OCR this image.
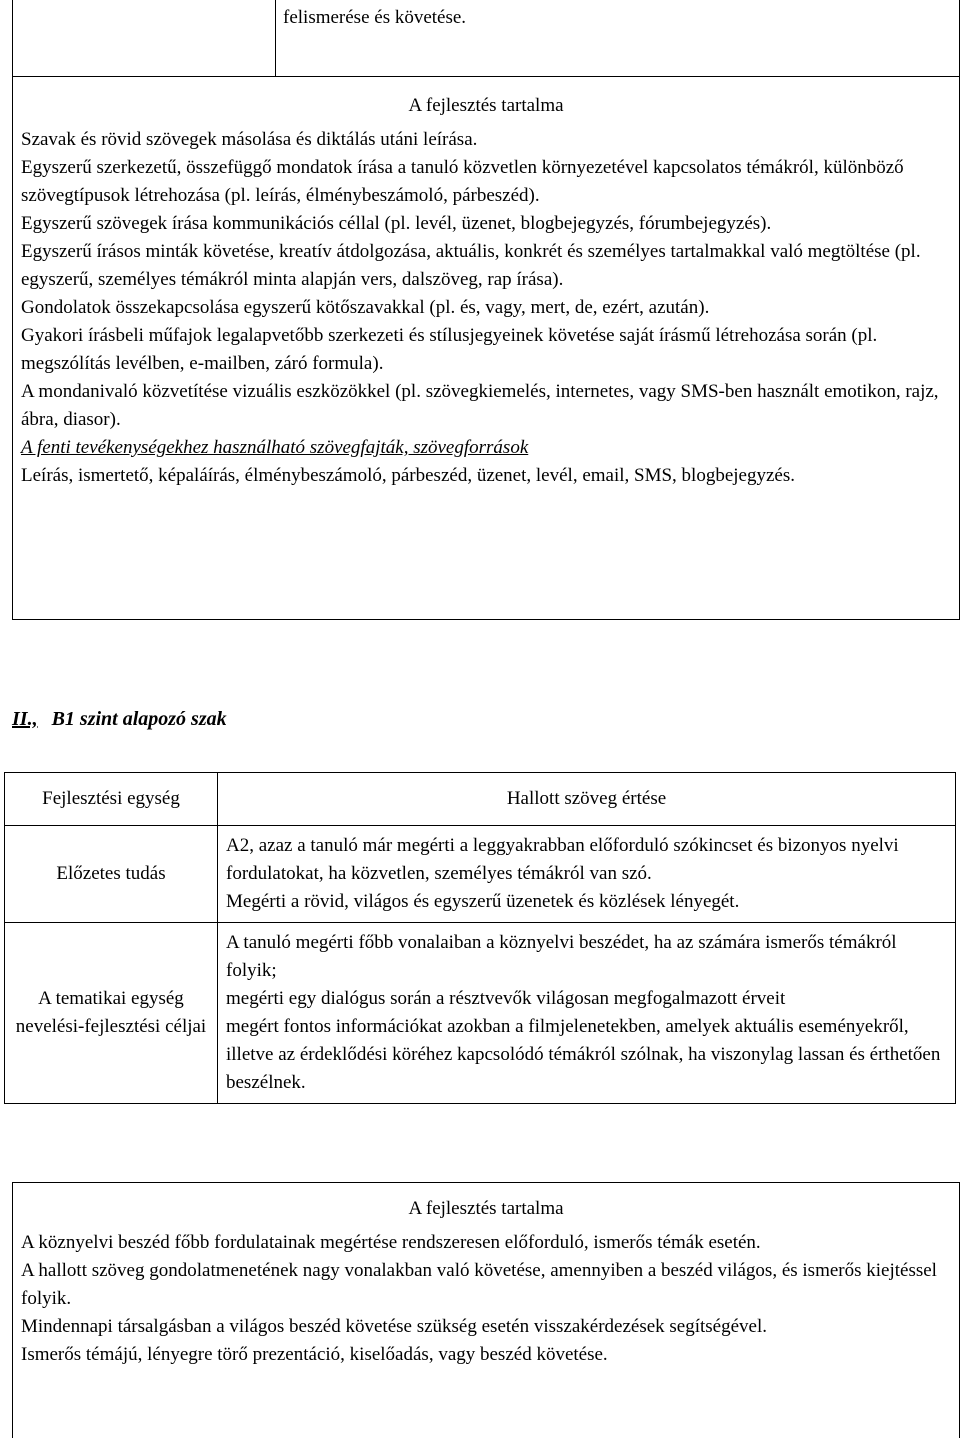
felismerése és követése.

A fejlesztés tartalma

Szavak és rövid szövegek másolása és diktálás utáni leírása.

Egyszerű szerkezetű, összefüggő mondatok írása a tanuló közvetlen környezetével kapcsolatos témákról, különböző szövegtípusok létrehozása (pl. leírás, élménybeszámoló, párbeszéd).

Egyszerű szövegek írása kommunikációs céllal (pl. levél, üzenet, blogbejegyzés, fórumbejegyzés).

Egyszerű írásos minták követése, kreatív átdolgozása, aktuális, konkrét és személyes tartalmakkal való megtöltése (pl. egyszerű, személyes témákról minta alapján vers, dalszöveg, rap írása).

Gondolatok összekapcsolása egyszerű kötőszavakkal (pl. és, vagy, mert, de, ezért, azután).

Gyakori írásbeli műfajok legalapvetőbb szerkezeti és stílusjegyeinek követése saját írásmű létrehozása során (pl. megszólítás levélben, e-mailben, záró formula).

A mondanivaló közvetítése vizuális eszközökkel (pl. szövegkiemelés, internetes, vagy SMS-ben használt emotikon, rajz, ábra, diasor).

A fenti tevékenységekhez használható szövegfajták, szövegforrások

Leírás, ismertető, képaláírás, élménybeszámoló, párbeszéd, üzenet, levél, email, SMS, blogbejegyzés.

II., B1 szint alapozó szak
Fejlesztési egység	Hallott szöveg értése
Előzetes tudás	A2, azaz a tanuló már megérti a leggyakrabban előforduló szókincset és bizonyos nyelvi fordulatokat, ha közvetlen, személyes témákról van szó.

Megérti a rövid, világos és egyszerű üzenetek és közlések lényegét.

A tematikai egység nevelési-fejlesztési céljai	A tanuló megérti főbb vonalaiban a köznyelvi beszédet, ha az számára ismerős témákról folyik;

megérti egy dialógus során a résztvevők világosan megfogalmazott érveit

megért fontos információkat azokban a filmjelenetekben, amelyek aktuális eseményekről, illetve az érdeklődési köréhez kapcsolódó témákról szólnak, ha viszonylag lassan és érthetően beszélnek.

A fejlesztés tartalma

A köznyelvi beszéd főbb fordulatainak megértése rendszeresen előforduló, ismerős témák esetén.

A hallott szöveg gondolatmenetének nagy vonalakban való követése, amennyiben a beszéd világos, és ismerős kiejtéssel folyik.

Mindennapi társalgásban a világos beszéd követése szükség esetén visszakérdezések segítségével.

Ismerős témájú, lényegre törő prezentáció, kiselőadás, vagy beszéd követése.
